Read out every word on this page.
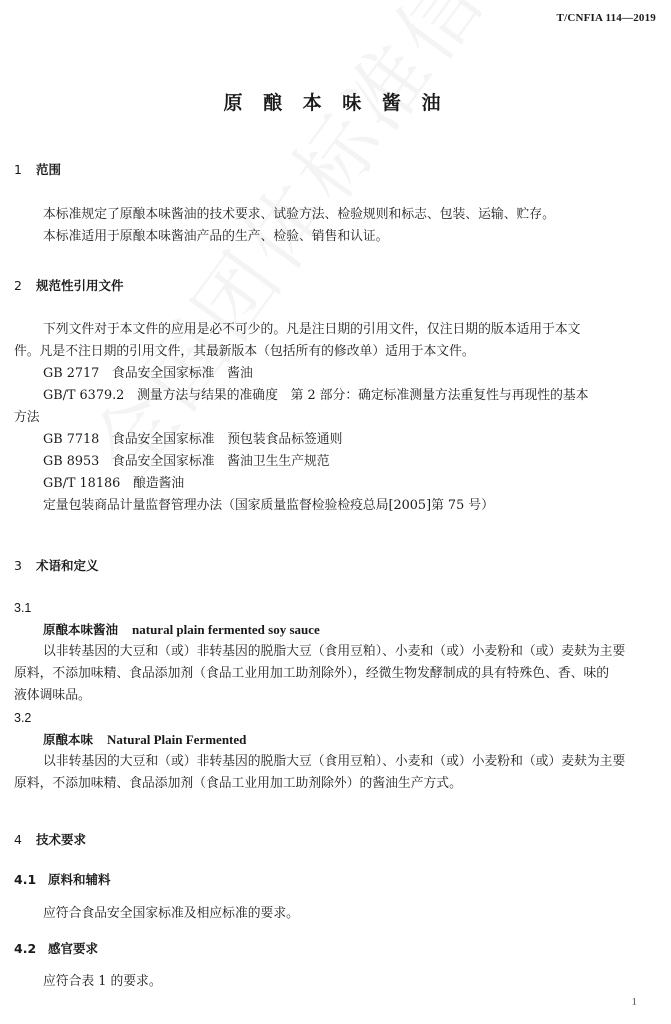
T/CNFIA 114—2019
原 酿 本 味 酱 油
1 范围
本标准规定了原酿本味酱油的技术要求、试验方法、检验规则和标志、包装、运输、贮存。
本标准适用于原酿本味酱油产品的生产、检验、销售和认证。
2 规范性引用文件
下列文件对于本文件的应用是必不可少的。凡是注日期的引用文件，仅注日期的版本适用于本文
件。凡是不注日期的引用文件，其最新版本（包括所有的修改单）适用于本文件。
GB 2717　食品安全国家标准　酱油
GB/T 6379.2　测量方法与结果的准确度　第 2 部分：确定标准测量方法重复性与再现性的基本
方法
GB 7718　食品安全国家标准　预包装食品标签通则
GB 8953　食品安全国家标准　酱油卫生生产规范
GB/T 18186　酿造酱油
定量包装商品计量监督管理办法（国家质量监督检验检疫总局[2005]第 75 号）
3 术语和定义
3.1
原酿本味酱油 natural plain fermented soy sauce
以非转基因的大豆和（或）非转基因的脱脂大豆（食用豆粕）、小麦和（或）小麦粉和（或）麦麸为主要
原料，不添加味精、食品添加剂（食品工业用加工助剂除外），经微生物发酵制成的具有特殊色、香、味的
液体调味品。
3.2
原酿本味 Natural Plain Fermented
以非转基因的大豆和（或）非转基因的脱脂大豆（食用豆粕）、小麦和（或）小麦粉和（或）麦麸为主要
原料，不添加味精、食品添加剂（食品工业用加工助剂除外）的酱油生产方式。
4 技术要求
4.1 原料和辅料
应符合食品安全国家标准及相应标准的要求。
4.2 感官要求
应符合表 1 的要求。
1
